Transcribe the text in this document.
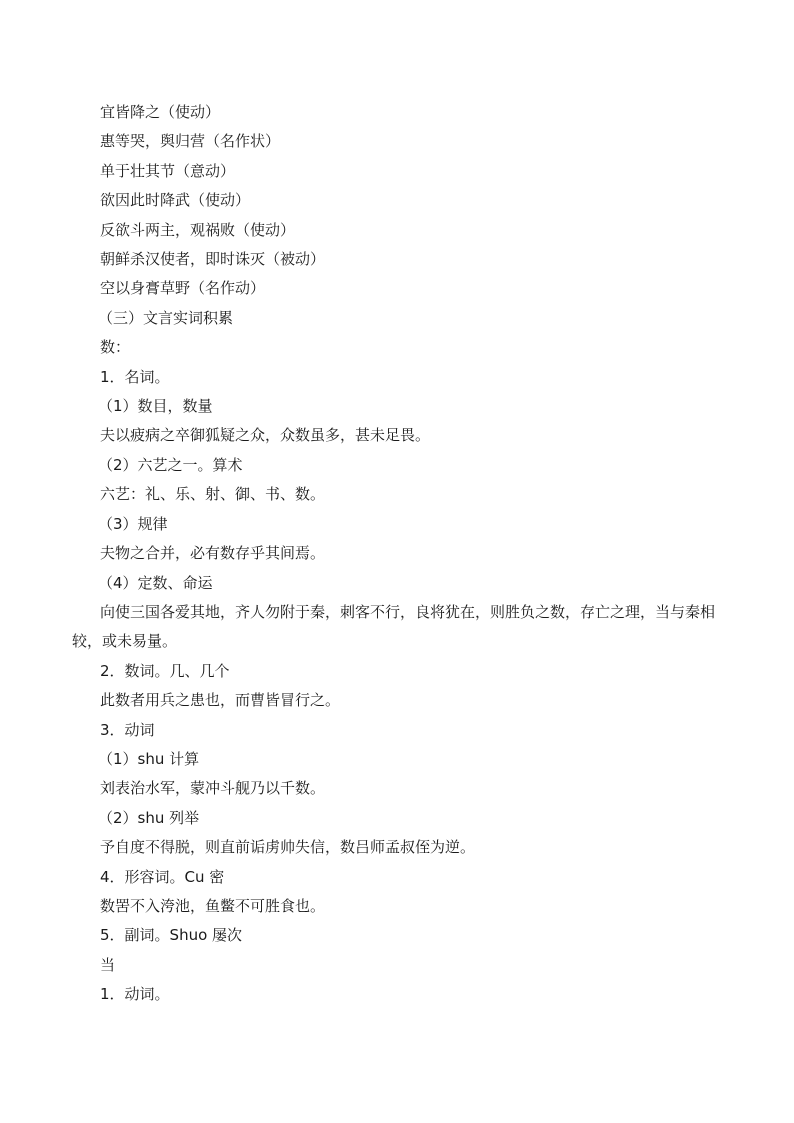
宜皆降之（使动）

惠等哭，舆归营（名作状）

单于壮其节（意动）

欲因此时降武（使动）

反欲斗两主，观祸败（使动）

朝鲜杀汉使者，即时诛灭（被动）

空以身膏草野（名作动）

（三）文言实词积累

数：

1．名词。

（1）数目，数量

夫以疲病之卒御狐疑之众，众数虽多，甚未足畏。

（2）六艺之一。算术

六艺：礼、乐、射、御、书、数。

（3）规律

夫物之合并，必有数存乎其间焉。

（4）定数、命运

向使三国各爱其地，齐人勿附于秦，刺客不行，良将犹在，则胜负之数，存亡之理，当与秦相较，或未易量。

2．数词。几、几个

此数者用兵之患也，而曹皆冒行之。

3．动词

（1）shu 计算

刘表治水军，蒙冲斗舰乃以千数。

（2）shu 列举

予自度不得脱，则直前诟虏帅失信，数吕师孟叔侄为逆。

4．形容词。Cu 密

数罟不入洿池，鱼鳖不可胜食也。

5．副词。Shuo 屡次

当

1．动词。
